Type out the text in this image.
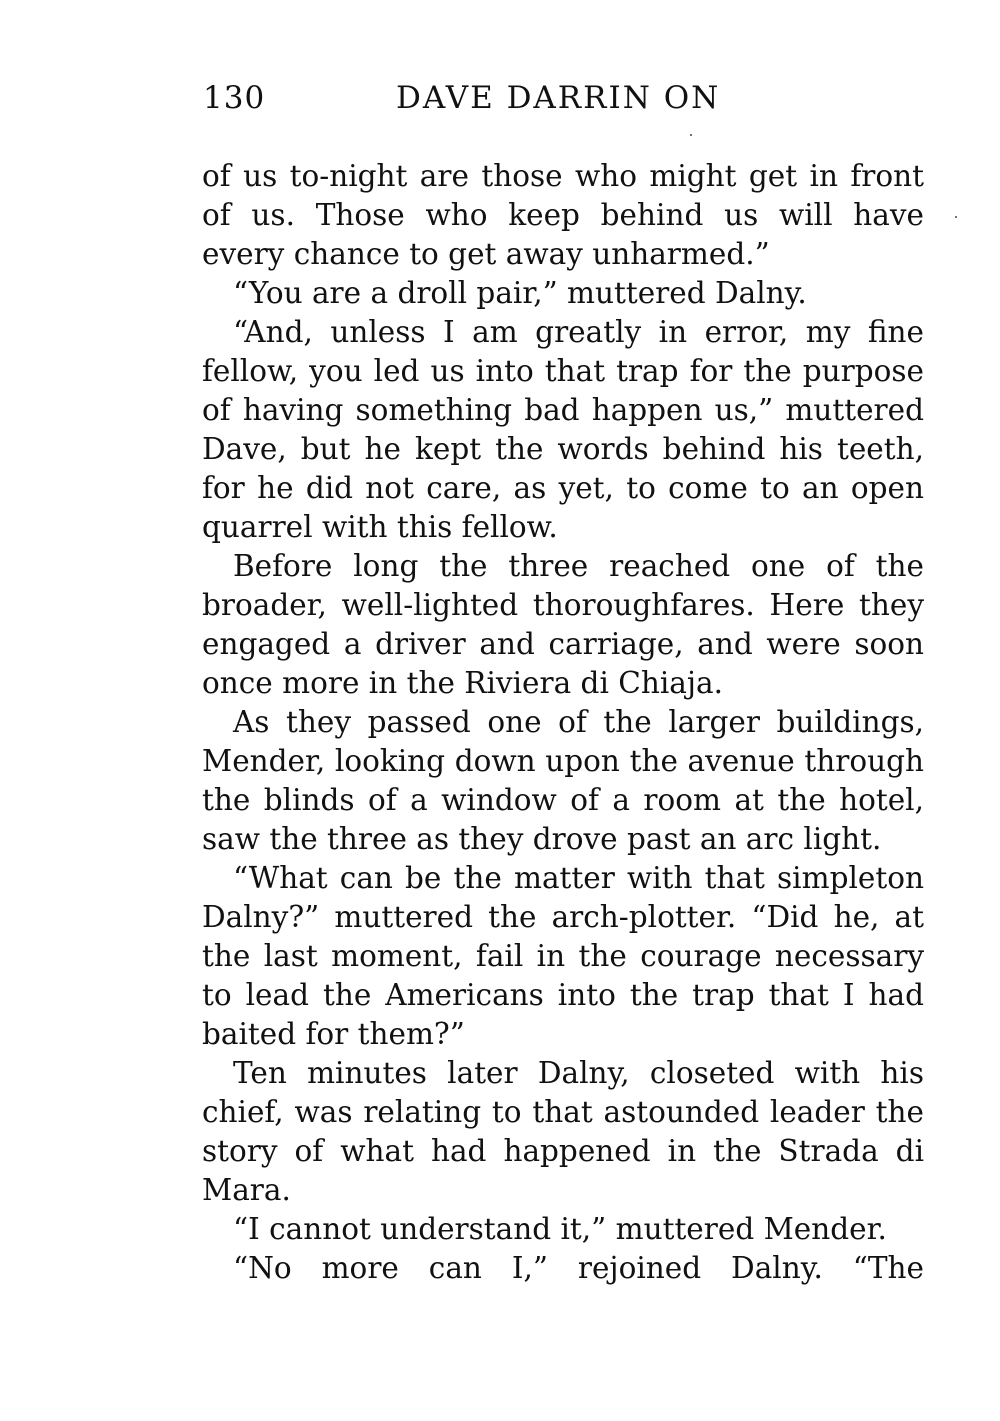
130	DAVE DARRIN ON

of us to-night are those who might get in front of us. Those who keep behind us will have every chance to get away unharmed.”

“You are a droll pair,” muttered Dalny.

“And, unless I am greatly in error, my fine fellow, you led us into that trap for the purpose of having something bad happen us,” muttered Dave, but he kept the words behind his teeth, for he did not care, as yet, to come to an open quarrel with this fellow.

Before long the three reached one of the broader, well-lighted thoroughfares. Here they engaged a driver and carriage, and were soon once more in the Riviera di Chiaja.

As they passed one of the larger buildings, Mender, looking down upon the avenue through the blinds of a window of a room at the hotel, saw the three as they drove past an arc light.

“What can be the matter with that simpleton Dalny?” muttered the arch-plotter. “Did he, at the last moment, fail in the courage necessary to lead the Americans into the trap that I had baited for them?”

Ten minutes later Dalny, closeted with his chief, was relating to that astounded leader the story of what had happened in the Strada di Mara.

“I cannot understand it,” muttered Mender.

“No more can I,” rejoined Dalny. “The
